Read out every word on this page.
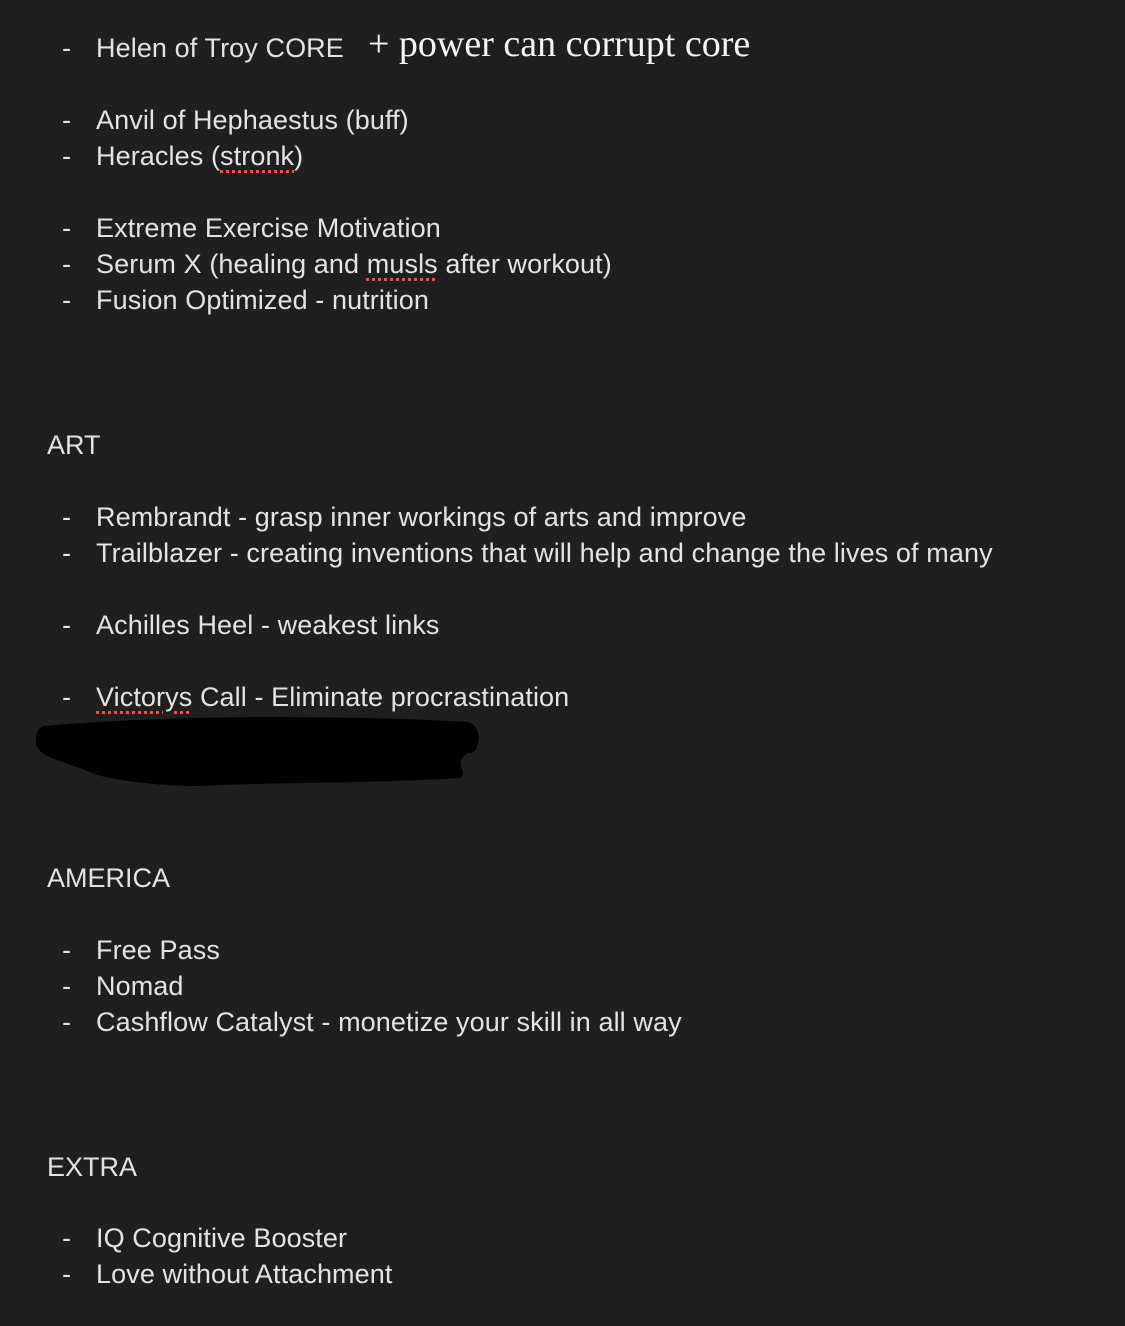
- Helen of Troy CORE + power can corrupt core
- Anvil of Hephaestus (buff)
- Heracles (stronk)
- Extreme Exercise Motivation
- Serum X (healing and musls after workout)
- Fusion Optimized - nutrition
ART
- Rembrandt - grasp inner workings of arts and improve
- Trailblazer - creating inventions that will help and change the lives of many
- Achilles Heel - weakest links
- Victorys Call - Eliminate procrastination
AMERICA
- Free Pass
- Nomad
- Cashflow Catalyst - monetize your skill in all way
EXTRA
- IQ Cognitive Booster
- Love without Attachment
